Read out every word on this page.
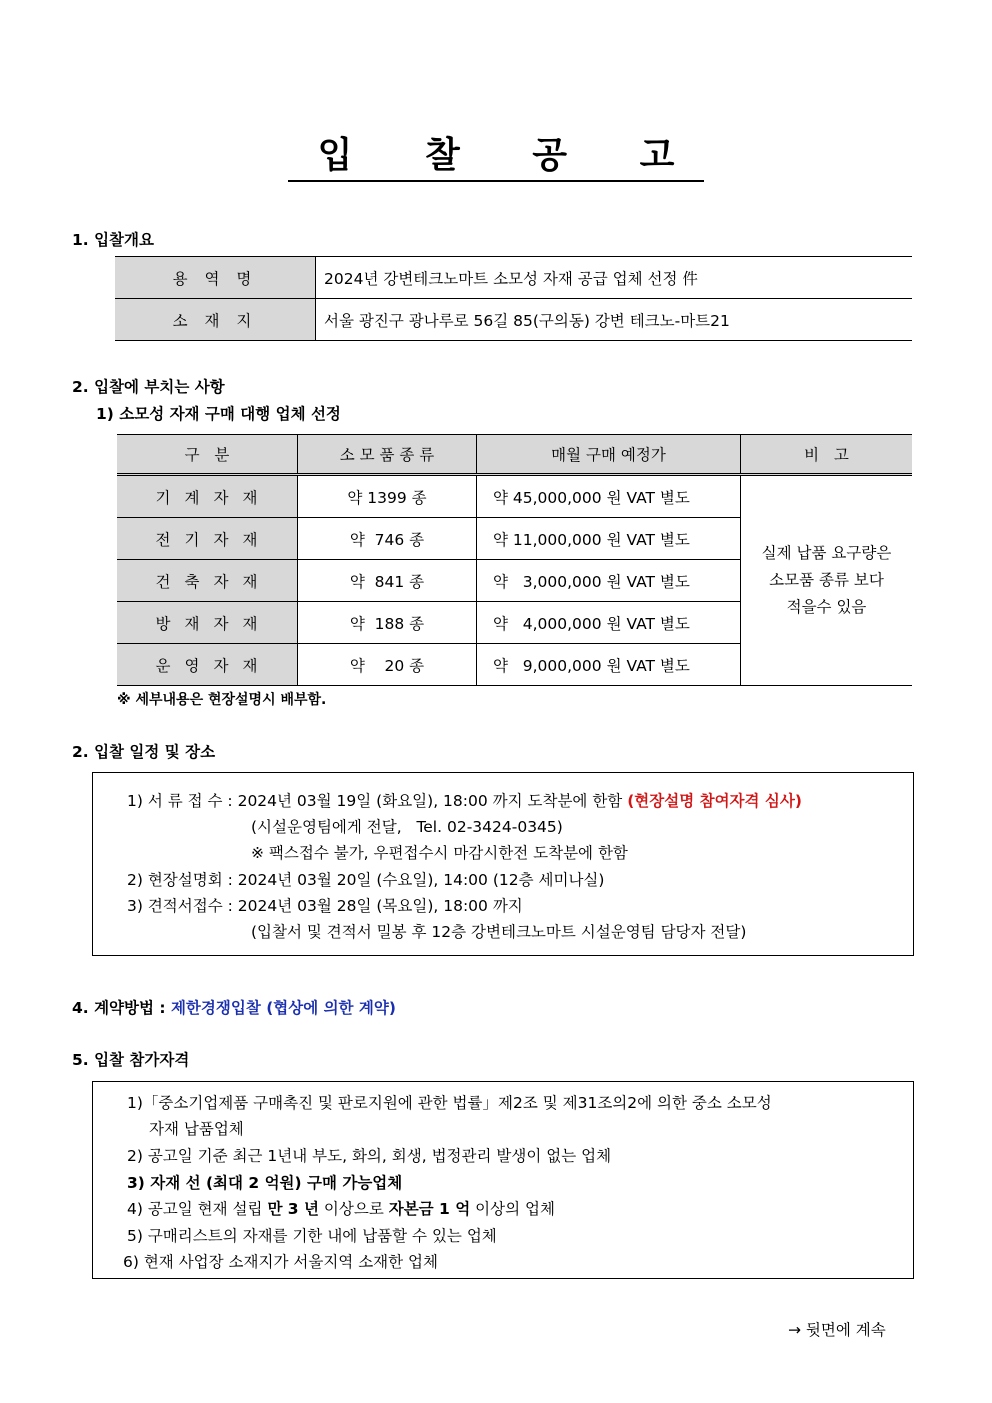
입 찰 공 고
1. 입찰개요
용 역 명	2024년 강변테크노마트 소모성 자재 공급 업체 선정 件
소 재 지	서울 광진구 광나루로 56길 85(구의동) 강변 테크노-마트21
2. 입찰에 부치는 사항
1) 소모성 자재 구매 대행 업체 선정
구   분	소 모 품 종 류	매월 구매 예정가	비   고
기계자재	약 1399 종	약 45,000,000 원 VAT 별도	실제 납품 요구량은
소모품 종류 보다
적을수 있음

전기자재	약  746 종	약 11,000,000 원 VAT 별도	
건축자재	약  841 종	약   3,000,000 원 VAT 별도	
방재자재	약  188 종	약   4,000,000 원 VAT 별도	
운영자재	약    20 종	약   9,000,000 원 VAT 별도	
※ 세부내용은 현장설명시 배부함.
2. 입찰 일정 및 장소
1) 서 류 접 수 : 2024년 03월 19일 (화요일), 18:00 까지 도착분에 한함 (현장설명 참여자격 심사)
(시설운영팀에게 전달,   Tel. 02-3424-0345)
※ 팩스접수 불가, 우편접수시 마감시한전 도착분에 한함
2) 현장설명회 : 2024년 03월 20일 (수요일), 14:00 (12층 세미나실)
3) 견적서접수 : 2024년 03월 28일 (목요일), 18:00 까지
(입찰서 및 견적서 밀봉 후 12층 강변테크노마트 시설운영팀 담당자 전달)
4. 계약방법 : 제한경쟁입찰 (협상에 의한 계약)
5. 입찰 참가자격
1)「중소기업제품 구매촉진 및 판로지원에 관한 법률」제2조 및 제31조의2에 의한 중소 소모성
자재 납품업체
2) 공고일 기준 최근 1년내 부도, 화의, 회생, 법정관리 발생이 없는 업체
3) 자재 선 (최대 2 억원) 구매 가능업체
4) 공고일 현재 설립 만 3 년 이상으로 자본금 1 억 이상의 업체
5) 구매리스트의 자재를 기한 내에 납품할 수 있는 업체
6) 현재 사업장 소재지가 서울지역 소재한 업체
→ 뒷면에 계속
